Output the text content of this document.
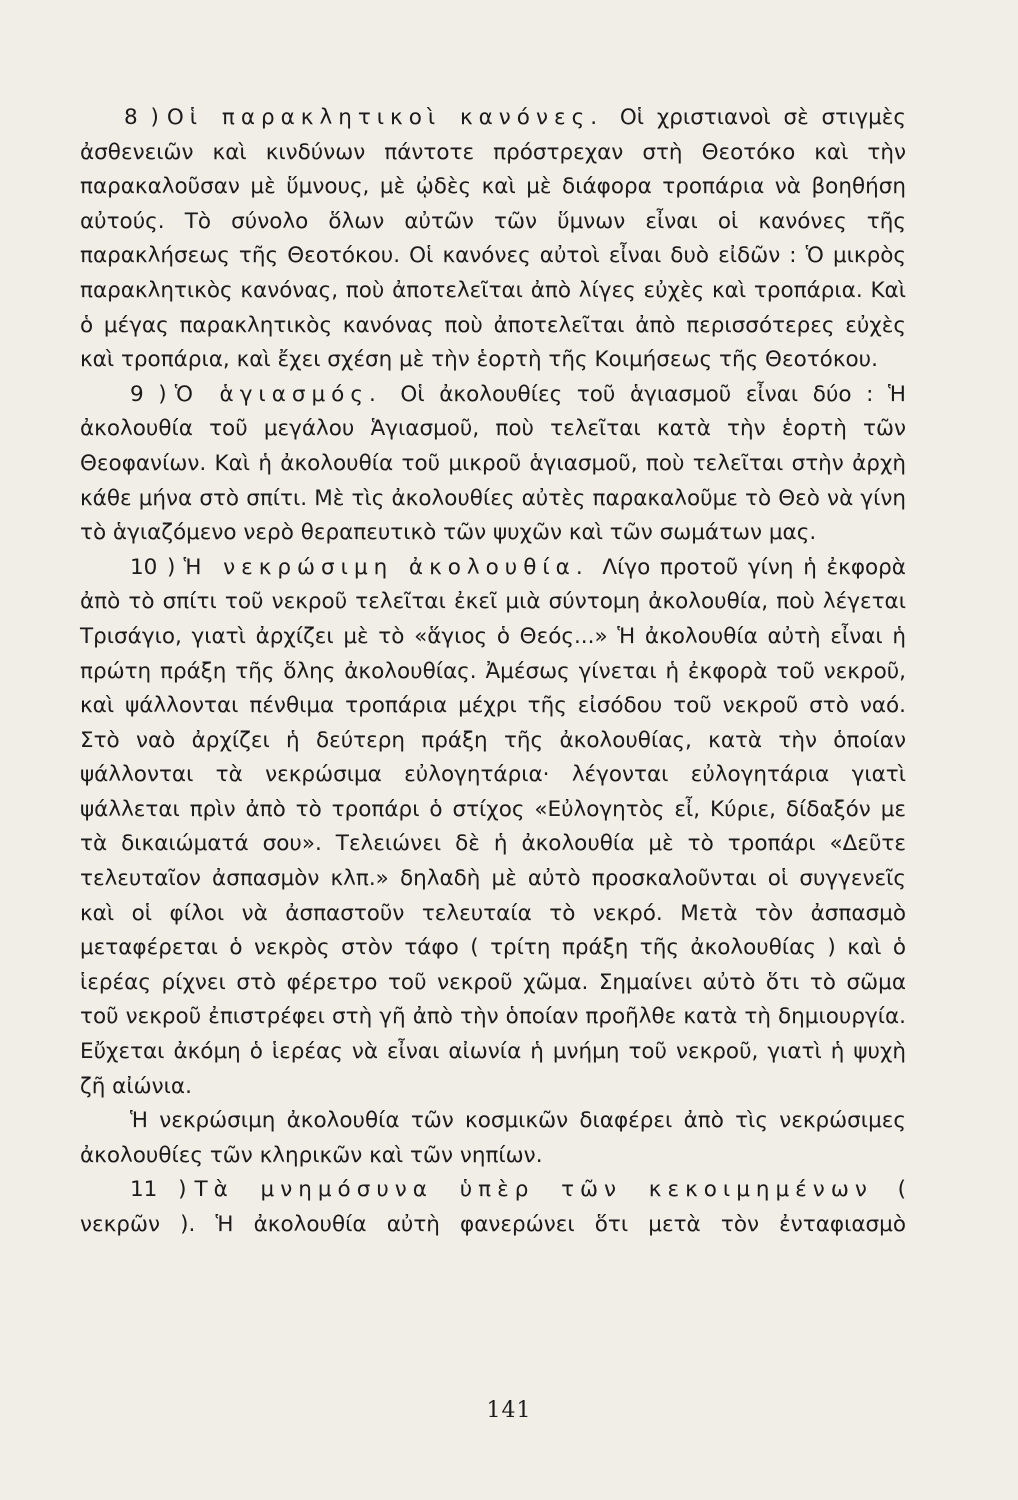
8 ) Οἱ παρακλητικοὶ κανόνες. Οἱ χριστιανοὶ σὲ στιγμὲς ἀσθενειῶν καὶ κινδύνων πάντοτε πρόστρεχαν στὴ Θεοτόκο καὶ τὴν παρακαλοῦσαν μὲ ὕμνους, μὲ ᾠδὲς καὶ μὲ διάφορα τροπάρια νὰ βοηθήση αὐτούς. Τὸ σύνολο ὅλων αὐτῶν τῶν ὕμνων εἶναι οἱ κανόνες τῆς παρακλήσεως τῆς Θεοτόκου. Οἱ κανόνες αὐτοὶ εἶναι δυὸ εἰδῶν : Ὁ μικρὸς παρακλητικὸς κανόνας, ποὺ ἀποτελεῖται ἀπὸ λίγες εὐχὲς καὶ τροπάρια. Καὶ ὁ μέγας παρακλητικὸς κανόνας ποὺ ἀποτελεῖται ἀπὸ περισσότερες εὐχὲς καὶ τροπάρια, καὶ ἔχει σχέση μὲ τὴν ἑορτὴ τῆς Κοιμήσεως τῆς Θεοτόκου.

9 ) Ὁ ἁγιασμός. Οἱ ἀκολουθίες τοῦ ἁγιασμοῦ εἶναι δύο : Ἡ ἀκολουθία τοῦ μεγάλου Ἁγιασμοῦ, ποὺ τελεῖται κατὰ τὴν ἑορτὴ τῶν Θεοφανίων. Καὶ ἡ ἀκολουθία τοῦ μικροῦ ἁγιασμοῦ, ποὺ τελεῖται στὴν ἀρχὴ κάθε μήνα στὸ σπίτι. Μὲ τὶς ἀκολουθίες αὐτὲς παρακαλοῦμε τὸ Θεὸ νὰ γίνη τὸ ἁγιαζόμενο νερὸ θεραπευτικὸ τῶν ψυχῶν καὶ τῶν σωμάτων μας.

10 ) Ἡ νεκρώσιμη ἀκολουθία. Λίγο προτοῦ γίνη ἡ ἐκφορὰ ἀπὸ τὸ σπίτι τοῦ νεκροῦ τελεῖται ἐκεῖ μιὰ σύντομη ἀκολουθία, ποὺ λέγεται Τρισάγιο, γιατὶ ἀρχίζει μὲ τὸ «ἅγιος ὁ Θεός...» Ἡ ἀκολουθία αὐτὴ εἶναι ἡ πρώτη πράξη τῆς ὅλης ἀκολουθίας. Ἀμέσως γίνεται ἡ ἐκφορὰ τοῦ νεκροῦ, καὶ ψάλλονται πένθιμα τροπάρια μέχρι τῆς εἰσόδου τοῦ νεκροῦ στὸ ναό. Στὸ ναὸ ἀρχίζει ἡ δεύτερη πράξη τῆς ἀκολουθίας, κατὰ τὴν ὁποίαν ψάλλονται τὰ νεκρώσιμα εὐλογητάρια· λέγονται εὐλογητάρια γιατὶ ψάλλεται πρὶν ἀπὸ τὸ τροπάρι ὁ στίχος «Εὐλογητὸς εἶ, Κύριε, δίδαξόν με τὰ δικαιώματά σου». Τελειώνει δὲ ἡ ἀκολουθία μὲ τὸ τροπάρι «Δεῦτε τελευταῖον ἀσπασμὸν κλπ.» δηλαδὴ μὲ αὐτὸ προσκαλοῦνται οἱ συγγενεῖς καὶ οἱ φίλοι νὰ ἀσπαστοῦν τελευταία τὸ νεκρό. Μετὰ τὸν ἀσπασμὸ μεταφέρεται ὁ νεκρὸς στὸν τάφο ( τρίτη πράξη τῆς ἀκολουθίας ) καὶ ὁ ἱερέας ρίχνει στὸ φέρετρο τοῦ νεκροῦ χῶμα. Σημαίνει αὐτὸ ὅτι τὸ σῶμα τοῦ νεκροῦ ἐπιστρέφει στὴ γῆ ἀπὸ τὴν ὁποίαν προῆλθε κατὰ τὴ δημιουργία. Εὔχεται ἀκόμη ὁ ἱερέας νὰ εἶναι αἰωνία ἡ μνήμη τοῦ νεκροῦ, γιατὶ ἡ ψυχὴ ζῆ αἰώνια.

Ἡ νεκρώσιμη ἀκολουθία τῶν κοσμικῶν διαφέρει ἀπὸ τὶς νεκρώσιμες ἀκολουθίες τῶν κληρικῶν καὶ τῶν νηπίων.

11 ) Τὰ μνημόσυνα ὑπὲρ τῶν κεκοιμημένων ( νεκρῶν ). Ἡ ἀκολουθία αὐτὴ φανερώνει ὅτι μετὰ τὸν ἐνταφιασμὸ

141
